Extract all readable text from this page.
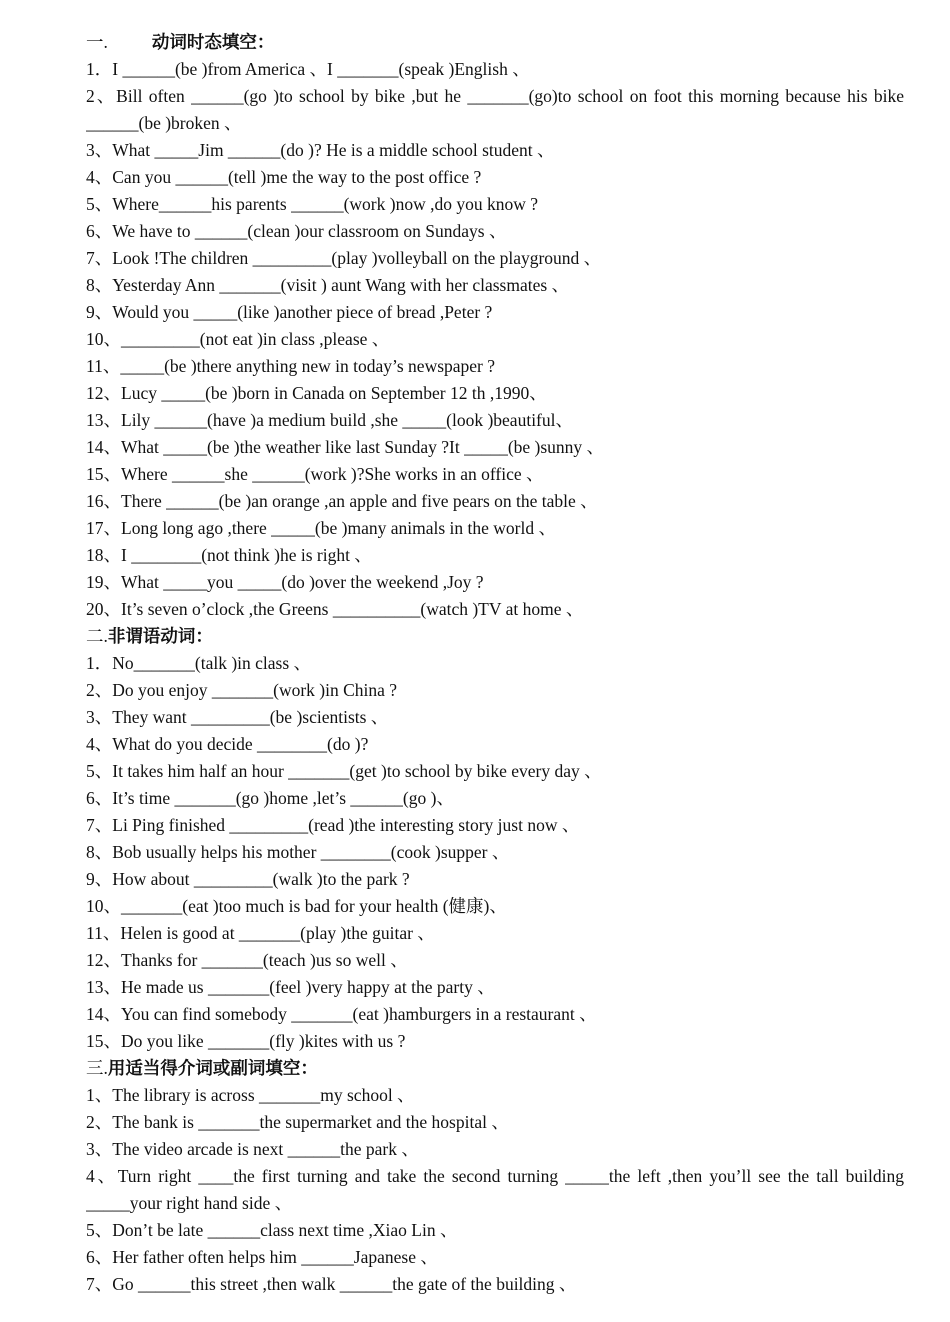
一.	动词时态填空：
1．I ______(be )from America 、I _______(speak )English 、
2、Bill often ______(go )to school by bike ,but he _______(go)to school on foot this morning because his bike ______(be )broken 、
3、What _____Jim ______(do )? He is a middle school student 、
4、Can you ______(tell )me the way to the post office ?
5、Where______his parents ______(work )now ,do you know ?
6、We have to ______(clean )our classroom on Sundays 、
7、Look !The children _________(play )volleyball on the playground 、
8、Yesterday Ann _______(visit ) aunt Wang with her classmates 、
9、Would you _____(like )another piece of bread ,Peter ?
10、_________(not eat )in class ,please 、
11、_____(be )there anything new in today’s newspaper ?
12、Lucy _____(be )born in Canada on September 12 th ,1990、
13、Lily ______(have )a medium build ,she _____(look )beautiful、
14、What _____(be )the weather like last Sunday ?It _____(be )sunny 、
15、Where ______she ______(work )?She works in an office 、
16、There ______(be )an orange ,an apple and five pears on the table 、
17、Long long ago ,there _____(be )many animals in the world 、
18、I ________(not think )he is right 、
19、What _____you _____(do )over the weekend ,Joy ?
20、It’s seven o’clock ,the Greens __________(watch )TV at home 、
二.非谓语动词：
1．No_______(talk )in class 、
2、Do you enjoy _______(work )in China ?
3、They want _________(be )scientists 、
4、What do you decide ________(do )?
5、It takes him half an hour _______(get )to school by bike every day 、
6、It’s time _______(go )home ,let’s ______(go )、
7、Li Ping finished _________(read )the interesting story just now 、
8、Bob usually helps his mother ________(cook )supper 、
9、How about _________(walk )to the park ?
10、_______(eat )too much is bad for your health (健康)、
11、Helen is good at _______(play )the guitar 、
12、Thanks for _______(teach )us so well 、
13、He made us _______(feel )very happy at the party 、
14、You can find somebody _______(eat )hamburgers in a restaurant 、
15、Do you like _______(fly )kites with us ?
三.用适当得介词或副词填空：
1、The library is across _______my school 、
2、The bank is _______the supermarket and the hospital 、
3、The video arcade is next ______the park 、
4、Turn right ____the first turning and take the second turning _____the left ,then you’ll see the tall building _____your right hand side 、
5、Don’t be late ______class next time ,Xiao Lin 、
6、Her father often helps him ______Japanese 、
7、Go ______this street ,then walk ______the gate of the building 、
